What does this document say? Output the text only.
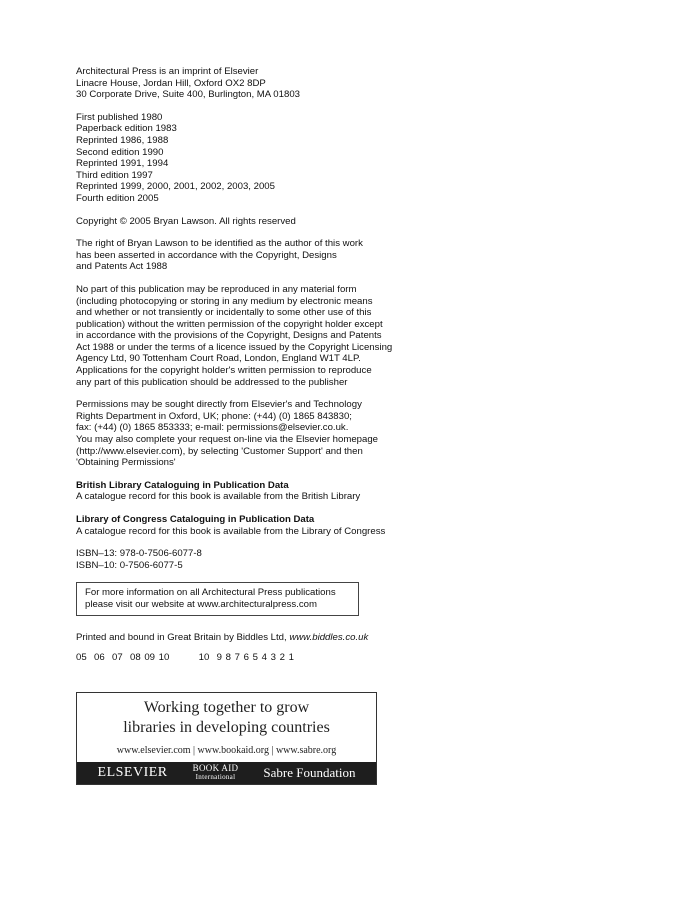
Architectural Press is an imprint of Elsevier
Linacre House, Jordan Hill, Oxford OX2 8DP
30 Corporate Drive, Suite 400, Burlington, MA 01803
First published 1980
Paperback edition 1983
Reprinted 1986, 1988
Second edition 1990
Reprinted 1991, 1994
Third edition 1997
Reprinted 1999, 2000, 2001, 2002, 2003, 2005
Fourth edition 2005
Copyright © 2005 Bryan Lawson. All rights reserved
The right of Bryan Lawson to be identified as the author of this work
has been asserted in accordance with the Copyright, Designs
and Patents Act 1988
No part of this publication may be reproduced in any material form
(including photocopying or storing in any medium by electronic means
and whether or not transiently or incidentally to some other use of this
publication) without the written permission of the copyright holder except
in accordance with the provisions of the Copyright, Designs and Patents
Act 1988 or under the terms of a licence issued by the Copyright Licensing
Agency Ltd, 90 Tottenham Court Road, London, England W1T 4LP.
Applications for the copyright holder's written permission to reproduce
any part of this publication should be addressed to the publisher
Permissions may be sought directly from Elsevier's and Technology
Rights Department in Oxford, UK; phone: (+44) (0) 1865 843830;
fax: (+44) (0) 1865 853333; e-mail: permissions@elsevier.co.uk.
You may also complete your request on-line via the Elsevier homepage
(http://www.elsevier.com), by selecting 'Customer Support' and then
'Obtaining Permissions'
British Library Cataloguing in Publication Data
A catalogue record for this book is available from the British Library
Library of Congress Cataloguing in Publication Data
A catalogue record for this book is available from the Library of Congress
ISBN–13: 978-0-7506-6077-8
ISBN–10: 0-7506-6077-5
For more information on all Architectural Press publications
please visit our website at www.architecturalpress.com
Printed and bound in Great Britain by Biddles Ltd, www.biddles.co.uk
05  06  07  08 09 10        10  9 8 7 6 5 4 3 2 1
Working together to grow
libraries in developing countries
www.elsevier.com | www.bookaid.org | www.sabre.org
ELSEVIER	BOOK AID
International Sabre Foundation
